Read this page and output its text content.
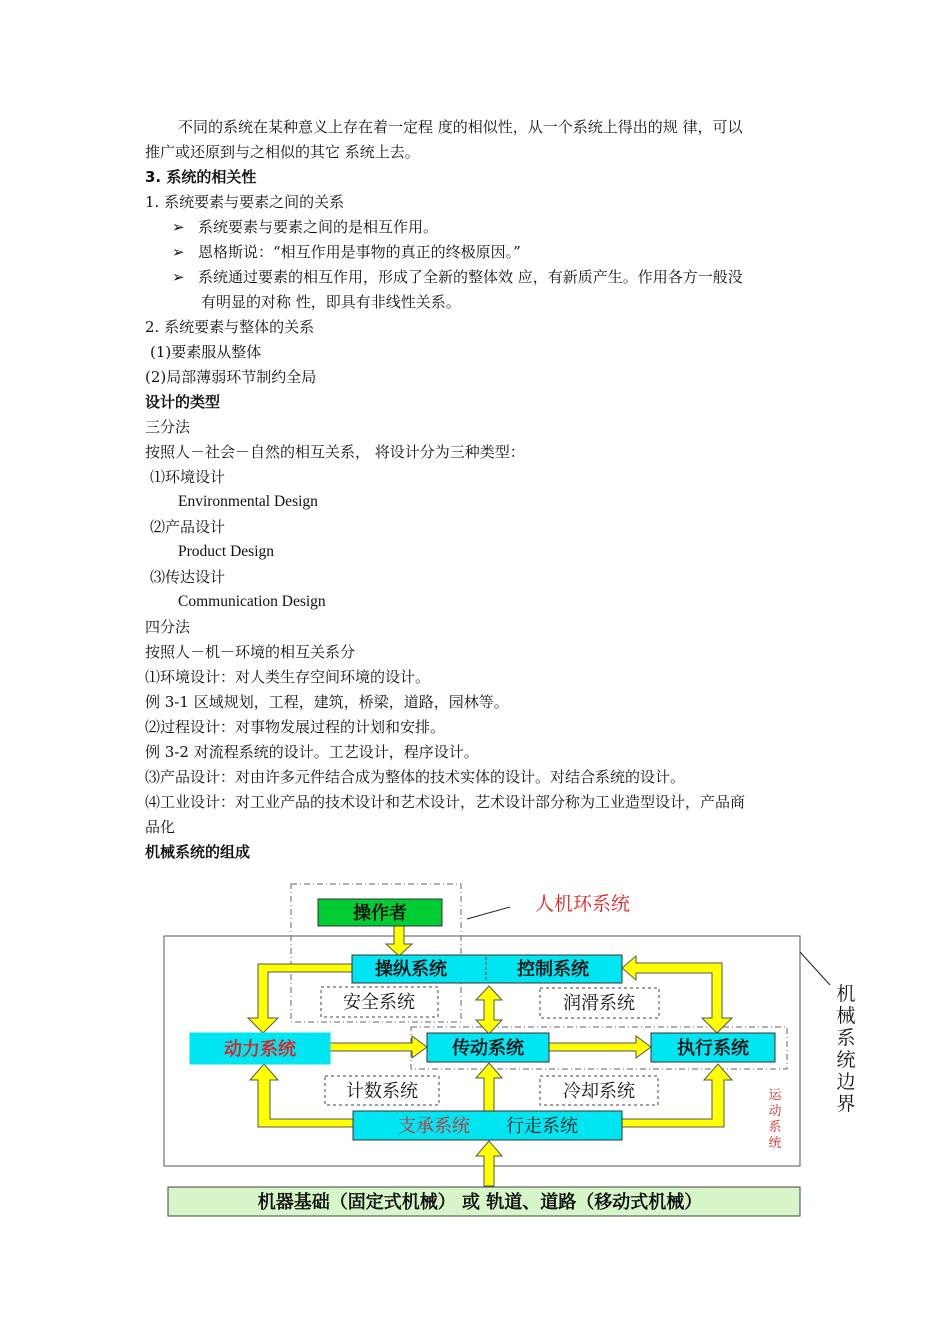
不同的系统在某种意义上存在着一定程 度的相似性，从一个系统上得出的规 律，可以
推广或还原到与之相似的其它 系统上去。
3. 系统的相关性
1. 系统要素与要素之间的关系
➢ 系统要素与要素之间的是相互作用。
➢ 恩格斯说：“相互作用是事物的真正的终极原因。”
➢ 系统通过要素的相互作用，形成了全新的整体效 应，有新质产生。作用各方一般没
有明显的对称 性，即具有非线性关系。
2. 系统要素与整体的关系
(1)要素服从整体
(2)局部薄弱环节制约全局
设计的类型
三分法
按照人－社会－自然的相互关系， 将设计分为三种类型：
⑴环境设计
Environmental Design
⑵产品设计
Product Design
⑶传达设计
Communication Design
四分法
按照人－机－环境的相互关系分
⑴环境设计：对人类生存空间环境的设计。
例 3-1 区域规划，工程，建筑，桥梁，道路，园林等。
⑵过程设计：对事物发展过程的计划和安排。
例 3-2 对流程系统的设计。工艺设计，程序设计。
⑶产品设计：对由许多元件结合成为整体的技术实体的设计。对结合系统的设计。
⑷工业设计：对工业产品的技术设计和艺术设计，艺术设计部分称为工业造型设计，产品商
品化
机械系统的组成
操作者
操纵系统	控制系统
安全系统	润滑系统
动力系统	传动系统	执行系统
计数系统	冷却系统
支承系统 行走系统
机器基础（固定式机械） 或 轨道、道路（移动式机械）
人机环系统
机械系统边界
运动系统
